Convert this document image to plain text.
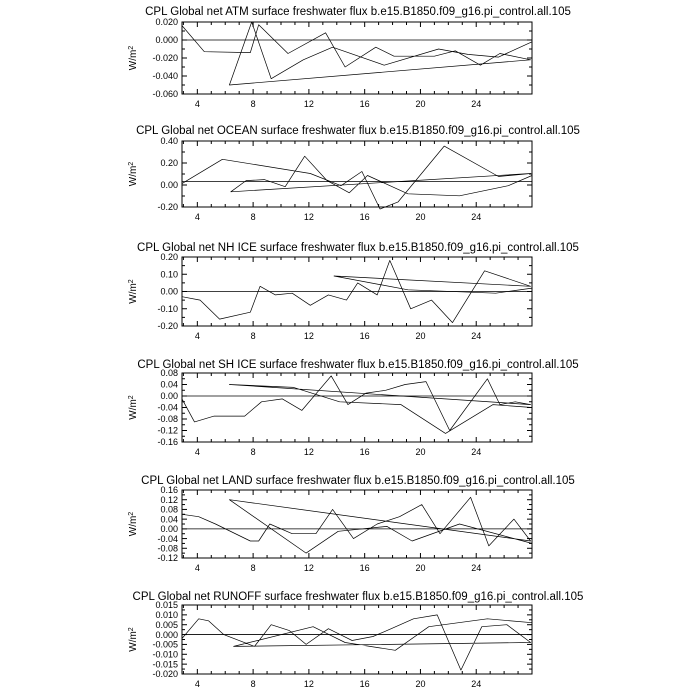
CPL Global net ATM surface freshwater flux b.e15.B1850.f09_g16.pi_control.all.105
0.020
0.000
-0.020
-0.040
-0.060
4	8	12	16	20	24
$W/m^2$
CPL Global net OCEAN surface freshwater flux b.e15.B1850.f09_g16.pi_control.all.105
0.40
0.20
0.00
-0.20
4	8	12	16	20	24
$W/m^2$
CPL Global net NH ICE surface freshwater flux b.e15.B1850.f09_g16.pi_control.all.105
0.20
0.10
0.00
-0.10
-0.20
4	8	12	16	20	24
$W/m^2$
CPL Global net SH ICE surface freshwater flux b.e15.B1850.f09_g16.pi_control.all.105
0.08
0.04
0.00
-0.04
-0.08
-0.12
-0.16
4	8	12	16	20	24
$W/m^2$
CPL Global net LAND surface freshwater flux b.e15.B1850.f09_g16.pi_control.all.105
0.16
0.12
0.08
0.04
0.00
-0.04
-0.08
-0.12
4	8	12	16	20	24
$W/m^2$
CPL Global net RUNOFF surface freshwater flux b.e15.B1850.f09_g16.pi_control.all.105
0.015
0.010
0.005
0.000
-0.005
-0.010
-0.015
-0.020
4	8	12	16	20	24
$W/m^2$
